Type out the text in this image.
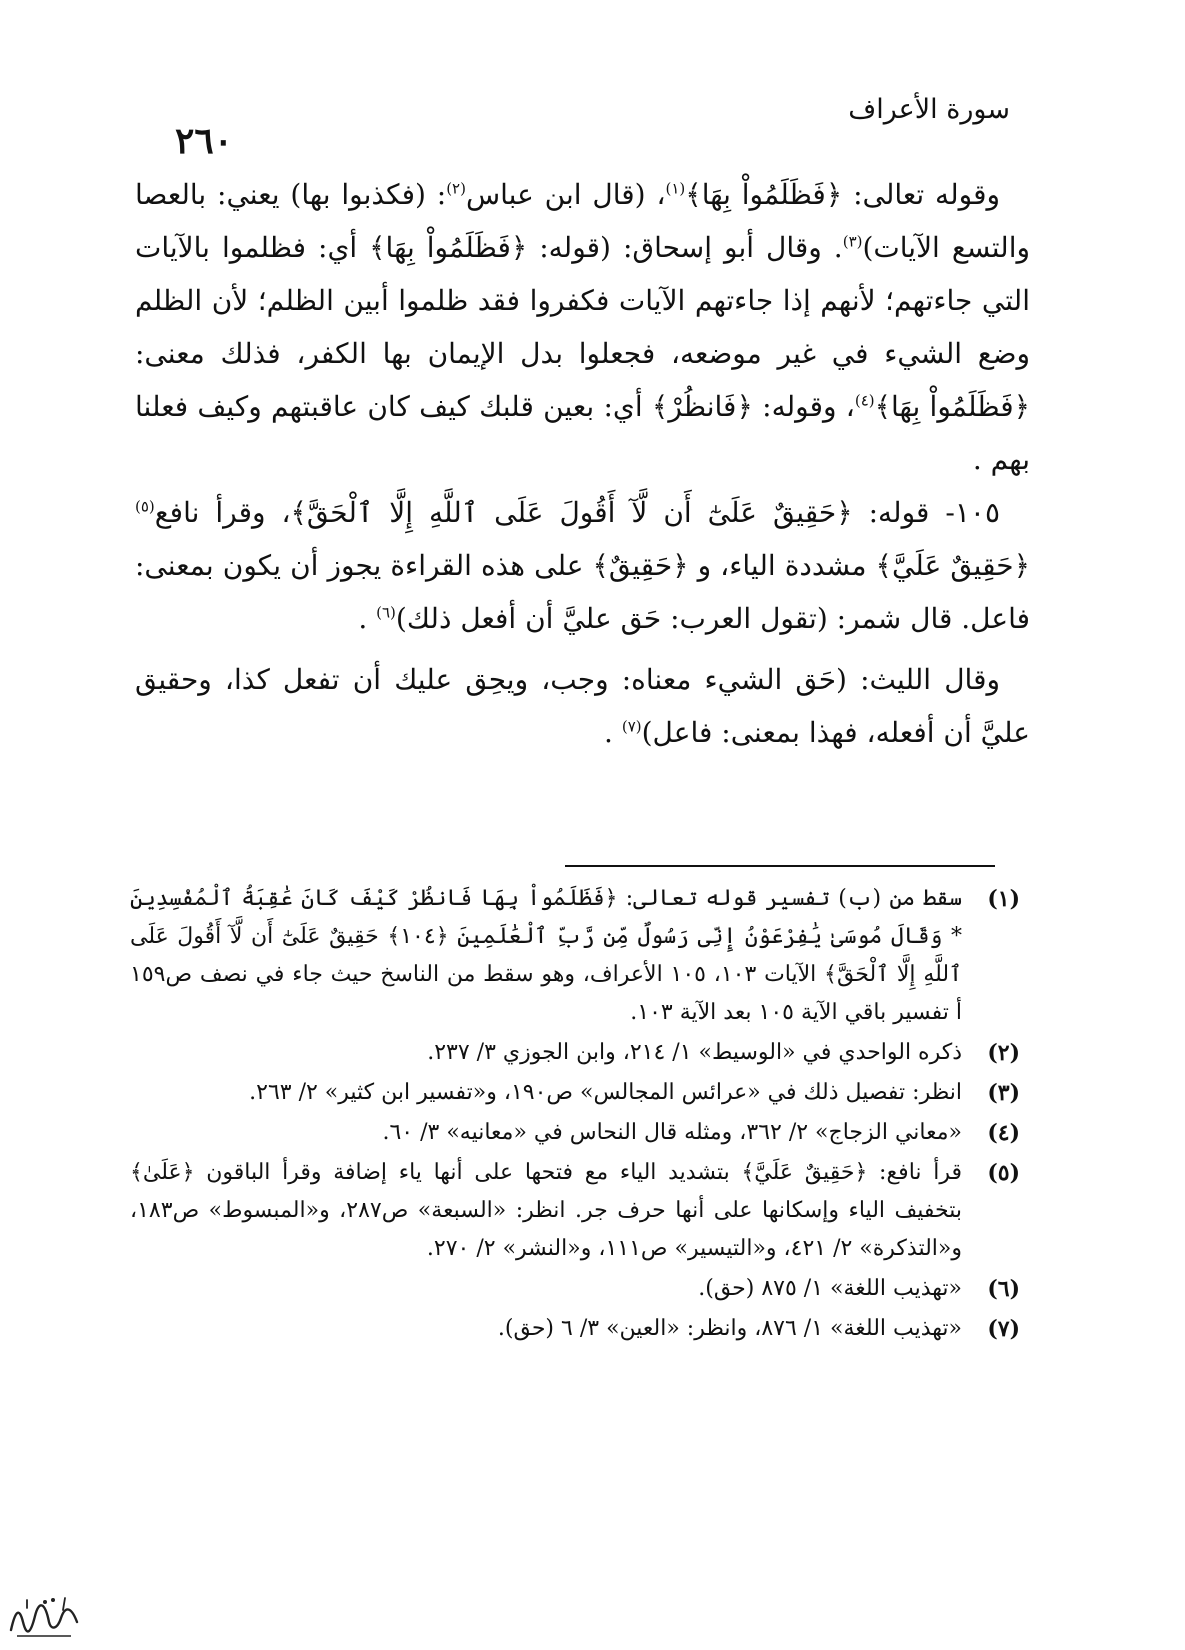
٢٦٠
سورة الأعراف

وقوله تعالى: ﴿فَظَلَمُواْ بِهَا﴾$^{(١)}$، (قال ابن عباس$^{(٢)}$: (فكذبوا بها) يعني: بالعصا والتسع الآيات)$^{(٣)}$. وقال أبو إسحاق: (قوله: ﴿فَظَلَمُواْ بِهَا﴾ أي: فظلموا بالآيات التي جاءتهم؛ لأنهم إذا جاءتهم الآيات فكفروا فقد ظلموا أبين الظلم؛ لأن الظلم وضع الشيء في غير موضعه، فجعلوا بدل الإيمان بها الكفر، فذلك معنى: ﴿فَظَلَمُواْ بِهَا﴾$^{(٤)}$، وقوله: ﴿فَانظُرْ﴾ أي: بعين قلبك كيف كان عاقبتهم وكيف فعلنا بهم .

١٠٥- قوله: ﴿حَقِيقٌ عَلَىٰٓ أَن لَّآ أَقُولَ عَلَى ٱللَّهِ إِلَّا ٱلْحَقَّ﴾، وقرأ نافع$^{(٥)}$ ﴿حَقِيقٌ عَلَيَّ﴾ مشددة الياء، و ﴿حَقِيقٌ﴾ على هذه القراءة يجوز أن يكون بمعنى: فاعل. قال شمر: (تقول العرب: حَق عليَّ أن أفعل ذلك)$^{(٦)}$ .

وقال الليث: (حَق الشيء معناه: وجب، ويحِق عليك أن تفعل كذا، وحقيق عليَّ أن أفعله، فهذا بمعنى: فاعل)$^{(٧)}$ .

(١)
سقط من (ب) تفسير قوله تعالى: ﴿فَظَلَمُواْ بِهَا فَانظُرْ كَيْفَ كَانَ عَٰقِبَةُ ٱلْمُفْسِدِينَ * وَقَالَ مُوسَىٰ يَٰفِرْعَوْنُ إِنِّى رَسُولٌ مِّن رَّبِّ ٱلْعَٰلَمِينَ ﴿١٠٤﴾ حَقِيقٌ عَلَىٰٓ أَن لَّآ أَقُولَ عَلَى ٱللَّهِ إِلَّا ٱلْحَقَّ﴾ الآيات ١٠٣، ١٠٥ الأعراف، وهو سقط من الناسخ حيث جاء في نصف ص١٥٩ أ تفسير باقي الآية ١٠٥ بعد الآية ١٠٣.
(٢)
ذكره الواحدي في «الوسيط» ١/ ٢١٤، وابن الجوزي ٣/ ٢٣٧.
(٣)
انظر: تفصيل ذلك في «عرائس المجالس» ص١٩٠، و«تفسير ابن كثير» ٢/ ٢٦٣.
(٤)
«معاني الزجاج» ٢/ ٣٦٢، ومثله قال النحاس في «معانيه» ٣/ ٦٠.
(٥)
قرأ نافع: ﴿حَقِيقٌ عَلَيَّ﴾ بتشديد الياء مع فتحها على أنها ياء إضافة وقرأ الباقون ﴿عَلَىٰ﴾ بتخفيف الياء وإسكانها على أنها حرف جر. انظر: «السبعة» ص٢٨٧، و«المبسوط» ص١٨٣، و«التذكرة» ٢/ ٤٢١، و«التيسير» ص١١١، و«النشر» ٢/ ٢٧٠.
(٦)
«تهذيب اللغة» ١/ ٨٧٥ (حق).
(٧)
«تهذيب اللغة» ١/ ٨٧٦، وانظر: «العين» ٣/ ٦ (حق).
